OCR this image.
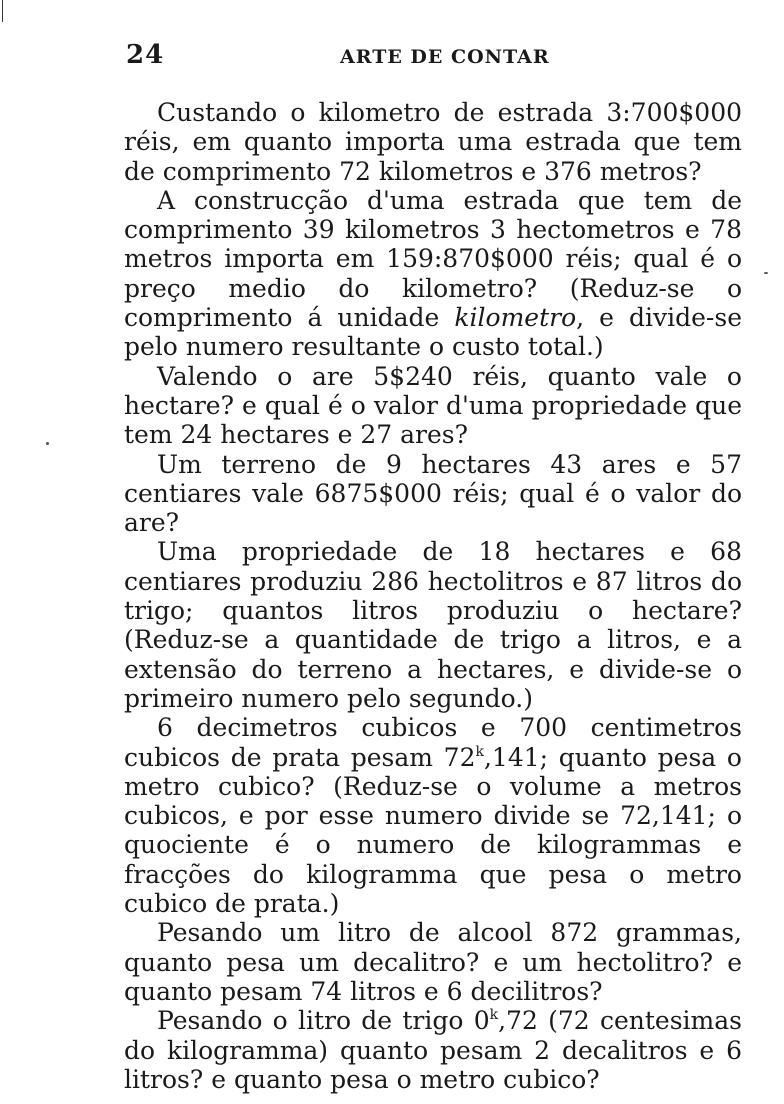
24	ARTE DE CONTAR

Custando o kilometro de estrada 3:700$000 réis, em quanto importa uma estrada que tem de comprimento 72 kilometros e 376 metros?

A construcção d'uma estrada que tem de comprimento 39 kilometros 3 hectometros e 78 metros importa em 159:870$000 réis; qual é o preço medio do kilometro? (Reduz-se o comprimento á unidade kilometro, e divide-se pelo numero resultante o custo total.)

Valendo o are 5$240 réis, quanto vale o hectare? e qual é o valor d'uma propriedade que tem 24 hectares e 27 ares?

Um terreno de 9 hectares 43 ares e 57 centiares vale 6875$000 réis; qual é o valor do are?

Uma propriedade de 18 hectares e 68 centiares produziu 286 hectolitros e 87 litros do trigo; quantos litros produziu o hectare? (Reduz-se a quantidade de trigo a litros, e a extensão do terreno a hectares, e divide-se o primeiro numero pelo segundo.)

6 decimetros cubicos e 700 centimetros cubicos de prata pesam 72$^k$,141; quanto pesa o metro cubico? (Reduz-se o volume a metros cubicos, e por esse numero divide se 72,141; o quociente é o numero de kilogrammas e fracções do kilogramma que pesa o metro cubico de prata.)

Pesando um litro de alcool 872 grammas, quanto pesa um decalitro? e um hectolitro? e quanto pesam 74 litros e 6 decilitros?

Pesando o litro de trigo 0$^k$,72 (72 centesimas do kilogramma) quanto pesam 2 decalitros e 6 litros? e quanto pesa o metro cubico?
